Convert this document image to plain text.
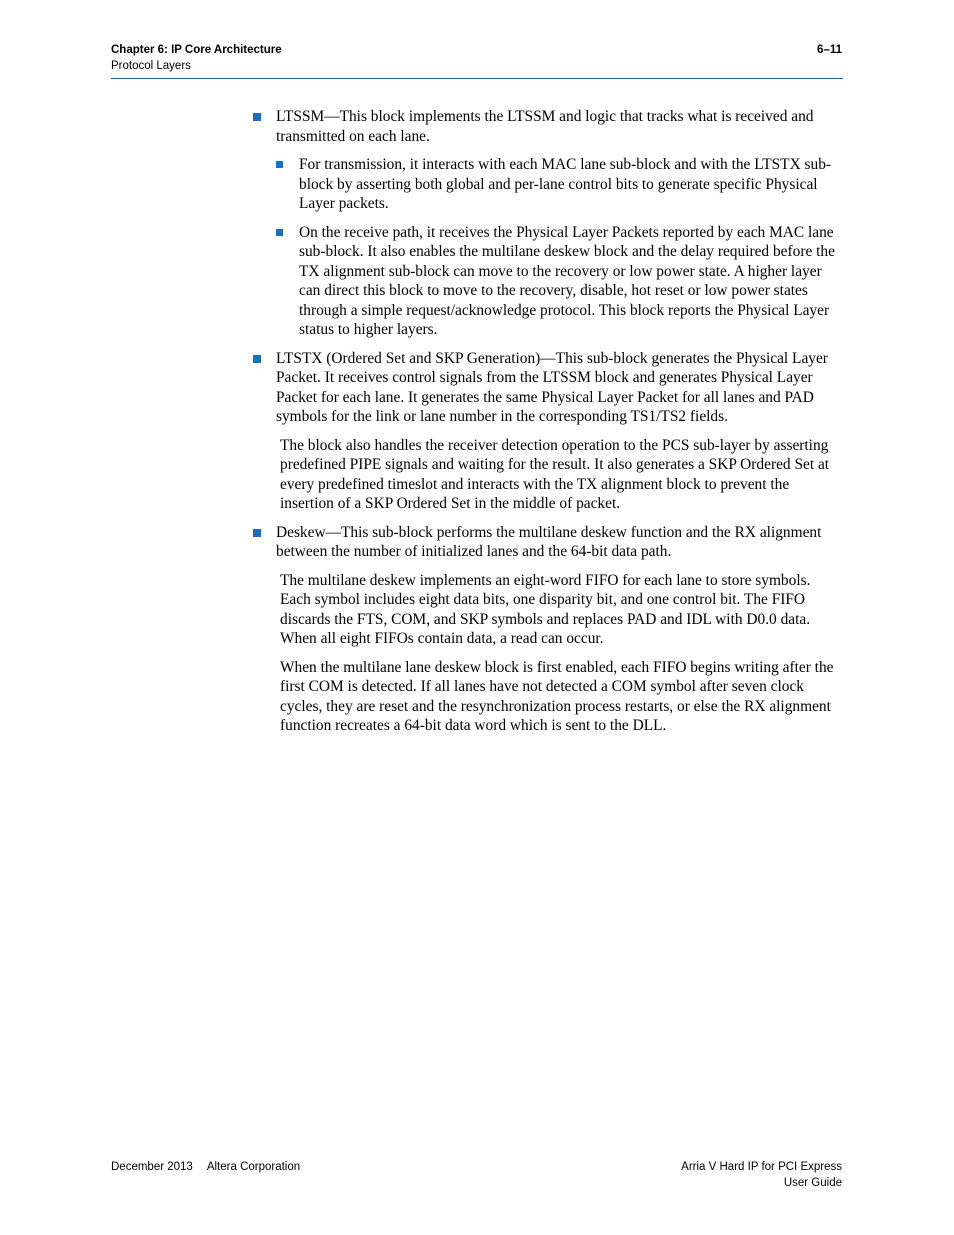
Chapter 6: IP Core Architecture
Protocol Layers
6–11
LTSSM—This block implements the LTSSM and logic that tracks what is received and transmitted on each lane.
For transmission, it interacts with each MAC lane sub-block and with the LTSTX sub-block by asserting both global and per-lane control bits to generate specific Physical Layer packets.
On the receive path, it receives the Physical Layer Packets reported by each MAC lane sub-block. It also enables the multilane deskew block and the delay required before the TX alignment sub-block can move to the recovery or low power state. A higher layer can direct this block to move to the recovery, disable, hot reset or low power states through a simple request/acknowledge protocol. This block reports the Physical Layer status to higher layers.
LTSTX (Ordered Set and SKP Generation)—This sub-block generates the Physical Layer Packet. It receives control signals from the LTSSM block and generates Physical Layer Packet for each lane. It generates the same Physical Layer Packet for all lanes and PAD symbols for the link or lane number in the corresponding TS1/TS2 fields.

The block also handles the receiver detection operation to the PCS sub-layer by asserting predefined PIPE signals and waiting for the result. It also generates a SKP Ordered Set at every predefined timeslot and interacts with the TX alignment block to prevent the insertion of a SKP Ordered Set in the middle of packet.

Deskew—This sub-block performs the multilane deskew function and the RX alignment between the number of initialized lanes and the 64-bit data path.

The multilane deskew implements an eight-word FIFO for each lane to store symbols. Each symbol includes eight data bits, one disparity bit, and one control bit. The FIFO discards the FTS, COM, and SKP symbols and replaces PAD and IDL with D0.0 data. When all eight FIFOs contain data, a read can occur.

When the multilane lane deskew block is first enabled, each FIFO begins writing after the first COM is detected. If all lanes have not detected a COM symbol after seven clock cycles, they are reset and the resynchronization process restarts, or else the RX alignment function recreates a 64-bit data word which is sent to the DLL.

December 2013 Altera Corporation	Arria V Hard IP for PCI Express
User Guide
